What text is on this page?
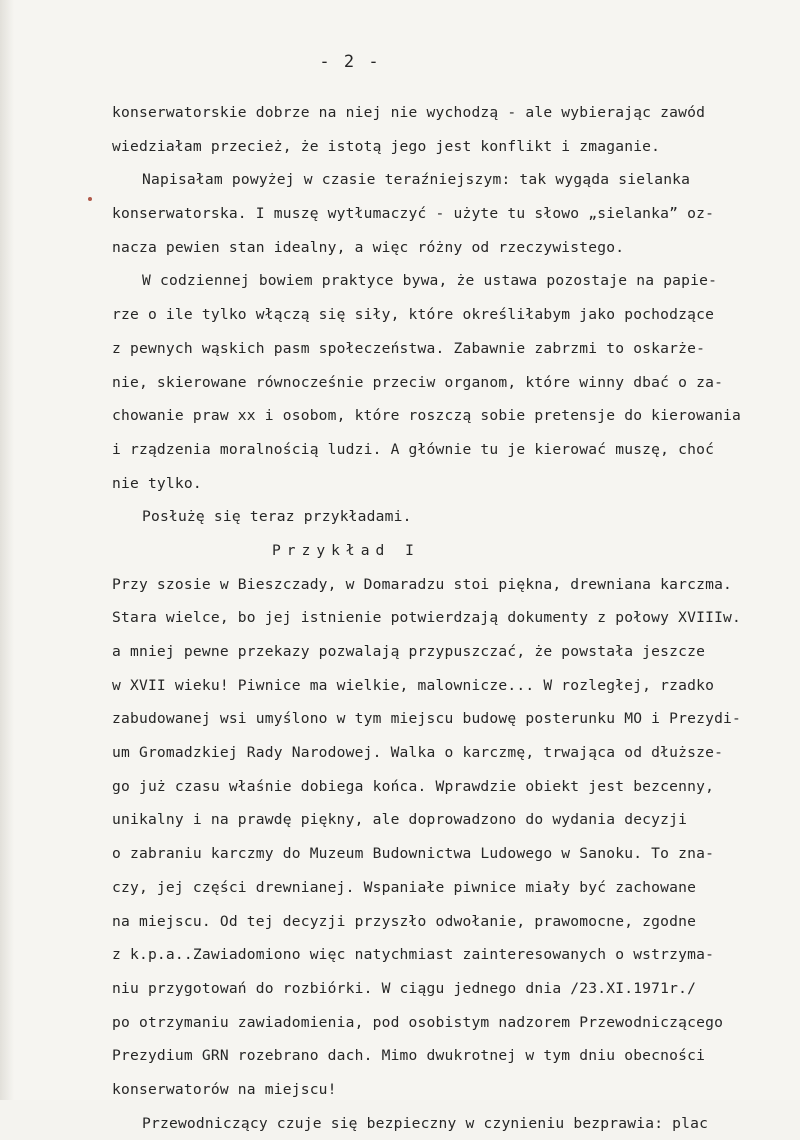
- 2 -
konserwatorskie dobrze na niej nie wychodzą - ale wybierając zawód
wiedziałam przecież, że istotą jego jest konflikt i zmaganie.
Napisałam powyżej w czasie teraźniejszym: tak wygąda sielanka
konserwatorska. I muszę wytłumaczyć - użyte tu słowo „sielanka” oz-
nacza pewien stan idealny, a więc różny od rzeczywistego.
W codziennej bowiem praktyce bywa, że ustawa pozostaje na papie-
rze o ile tylko włączą się siły, które określiłabym jako pochodzące
z pewnych wąskich pasm społeczeństwa. Zabawnie zabrzmi to oskarże-
nie, skierowane równocześnie przeciw organom, które winny dbać o za-
chowanie praw xx i osobom, które roszczą sobie pretensje do kierowania
i rządzenia moralnością ludzi. A głównie tu je kierować muszę, choć
nie tylko.
Posłużę się teraz przykładami.
Przykład I
Przy szosie w Bieszczady, w Domaradzu stoi piękna, drewniana karczma.
Stara wielce, bo jej istnienie potwierdzają dokumenty z połowy XVIIIw.
a mniej pewne przekazy pozwalają przypuszczać, że powstała jeszcze
w XVII wieku! Piwnice ma wielkie, malownicze... W rozległej, rzadko
zabudowanej wsi umyślono w tym miejscu budowę posterunku MO i Prezydi-
um Gromadzkiej Rady Narodowej. Walka o karczmę, trwająca od dłuższe-
go już czasu właśnie dobiega końca. Wprawdzie obiekt jest bezcenny,
unikalny i na prawdę piękny, ale doprowadzono do wydania decyzji
o zabraniu karczmy do Muzeum Budownictwa Ludowego w Sanoku. To zna-
czy, jej części drewnianej. Wspaniałe piwnice miały być zachowane
na miejscu. Od tej decyzji przyszło odwołanie, prawomocne, zgodne
z k.p.a..Zawiadomiono więc natychmiast zainteresowanych o wstrzyma-
niu przygotowań do rozbiórki. W ciągu jednego dnia /23.XI.1971r./
po otrzymaniu zawiadomienia, pod osobistym nadzorem Przewodniczącego
Prezydium GRN rozebrano dach. Mimo dwukrotnej w tym dniu obecności
konserwatorów na miejscu!
Przewodniczący czuje się bezpieczny w czynieniu bezprawia: plac
